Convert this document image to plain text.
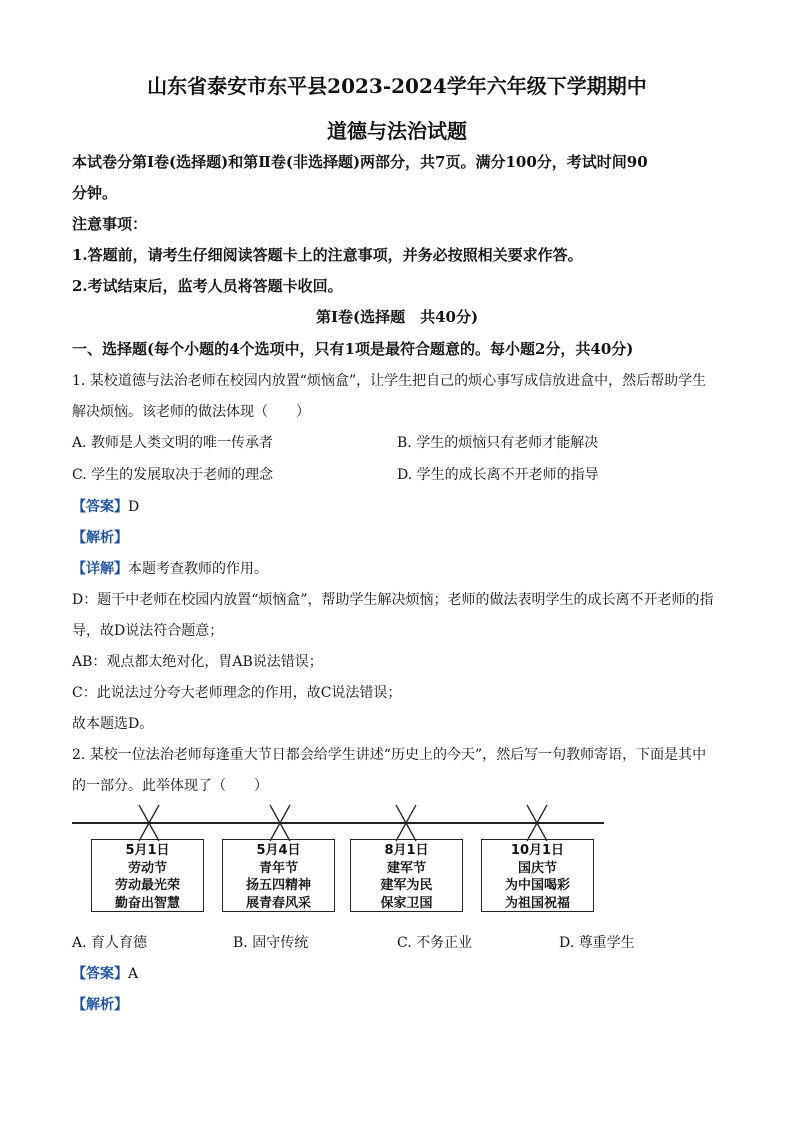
山东省泰安市东平县2023-2024学年六年级下学期期中
道德与法治试题
本试卷分第Ⅰ卷(选择题)和第Ⅱ卷(非选择题)两部分，共7页。满分100分，考试时间90
分钟。
注意事项：
1.答题前，请考生仔细阅读答题卡上的注意事项，并务必按照相关要求作答。
2.考试结束后，监考人员将答题卡收回。
第Ⅰ卷(选择题　共40分)
一、选择题(每个小题的4个选项中，只有1项是最符合题意的。每小题2分，共40分)
1. 某校道德与法治老师在校园内放置“烦恼盒”，让学生把自己的烦心事写成信放进盒中，然后帮助学生
解决烦恼。该老师的做法体现（　　）
A. 教师是人类文明的唯一传承者	B. 学生的烦恼只有老师才能解决
C. 学生的发展取决于老师的理念	D. 学生的成长离不开老师的指导
【答案】D
【解析】
【详解】本题考查教师的作用。
D：题干中老师在校园内放置“烦恼盒”，帮助学生解决烦恼；老师的做法表明学生的成长离不开老师的指
导，故D说法符合题意；
AB：观点都太绝对化，胃AB说法错误；
C：此说法过分夸大老师理念的作用，故C说法错误；
故本题选D。
2. 某校一位法治老师每逢重大节日都会给学生讲述“历史上的今天”，然后写一句教师寄语，下面是其中
的一部分。此举体现了（　　）
5月1日
劳动节
劳动最光荣
勤奋出智慧
5月4日
青年节
扬五四精神
展青春风采
8月1日
建军节
建军为民
保家卫国
10月1日
国庆节
为中国喝彩
为祖国祝福
A. 育人育德	B. 固守传统	C. 不务正业	D. 尊重学生
【答案】A
【解析】
